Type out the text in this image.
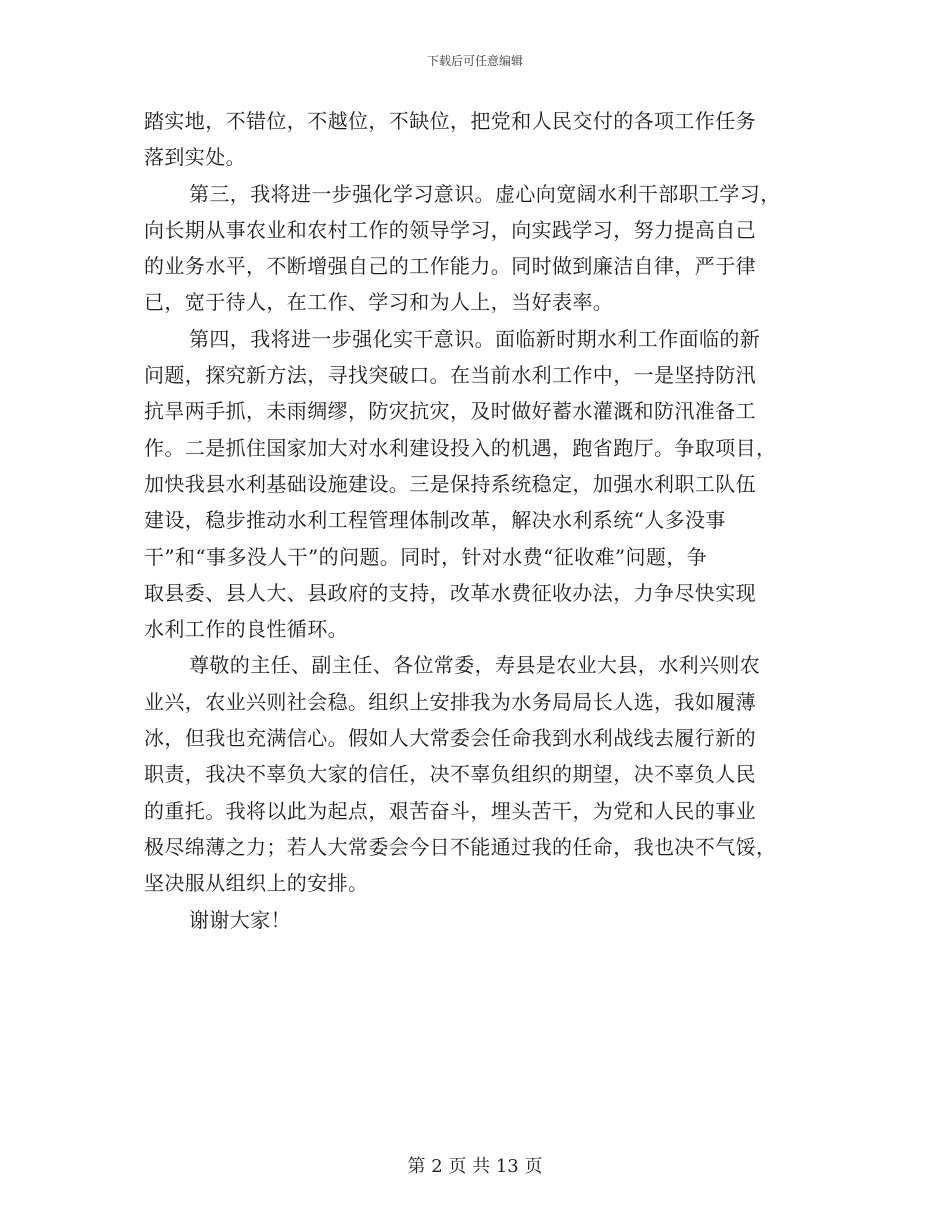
下载后可任意编辑
踏实地，不错位，不越位，不缺位，把党和人民交付的各项工作任务
落到实处。
第三，我将进一步强化学习意识。虚心向宽阔水利干部职工学习，
向长期从事农业和农村工作的领导学习，向实践学习，努力提高自己
的业务水平，不断增强自己的工作能力。同时做到廉洁自律，严于律
已，宽于待人，在工作、学习和为人上，当好表率。
第四，我将进一步强化实干意识。面临新时期水利工作面临的新
问题，探究新方法，寻找突破口。在当前水利工作中，一是坚持防汛
抗旱两手抓，未雨绸缪，防灾抗灾，及时做好蓄水灌溉和防汛准备工
作。二是抓住国家加大对水利建设投入的机遇，跑省跑厅。争取项目，
加快我县水利基础设施建设。三是保持系统稳定，加强水利职工队伍
建设，稳步推动水利工程管理体制改革，解决水利系统“人多没事
干”和“事多没人干”的问题。同时，针对水费“征收难”问题，争
取县委、县人大、县政府的支持，改革水费征收办法，力争尽快实现
水利工作的良性循环。
尊敬的主任、副主任、各位常委，寿县是农业大县，水利兴则农
业兴，农业兴则社会稳。组织上安排我为水务局局长人选，我如履薄
冰，但我也充满信心。假如人大常委会任命我到水利战线去履行新的
职责，我决不辜负大家的信任，决不辜负组织的期望，决不辜负人民
的重托。我将以此为起点，艰苦奋斗，埋头苦干，为党和人民的事业
极尽绵薄之力；若人大常委会今日不能通过我的任命，我也决不气馁，
坚决服从组织上的安排。
谢谢大家！
第 2 页 共 13 页
